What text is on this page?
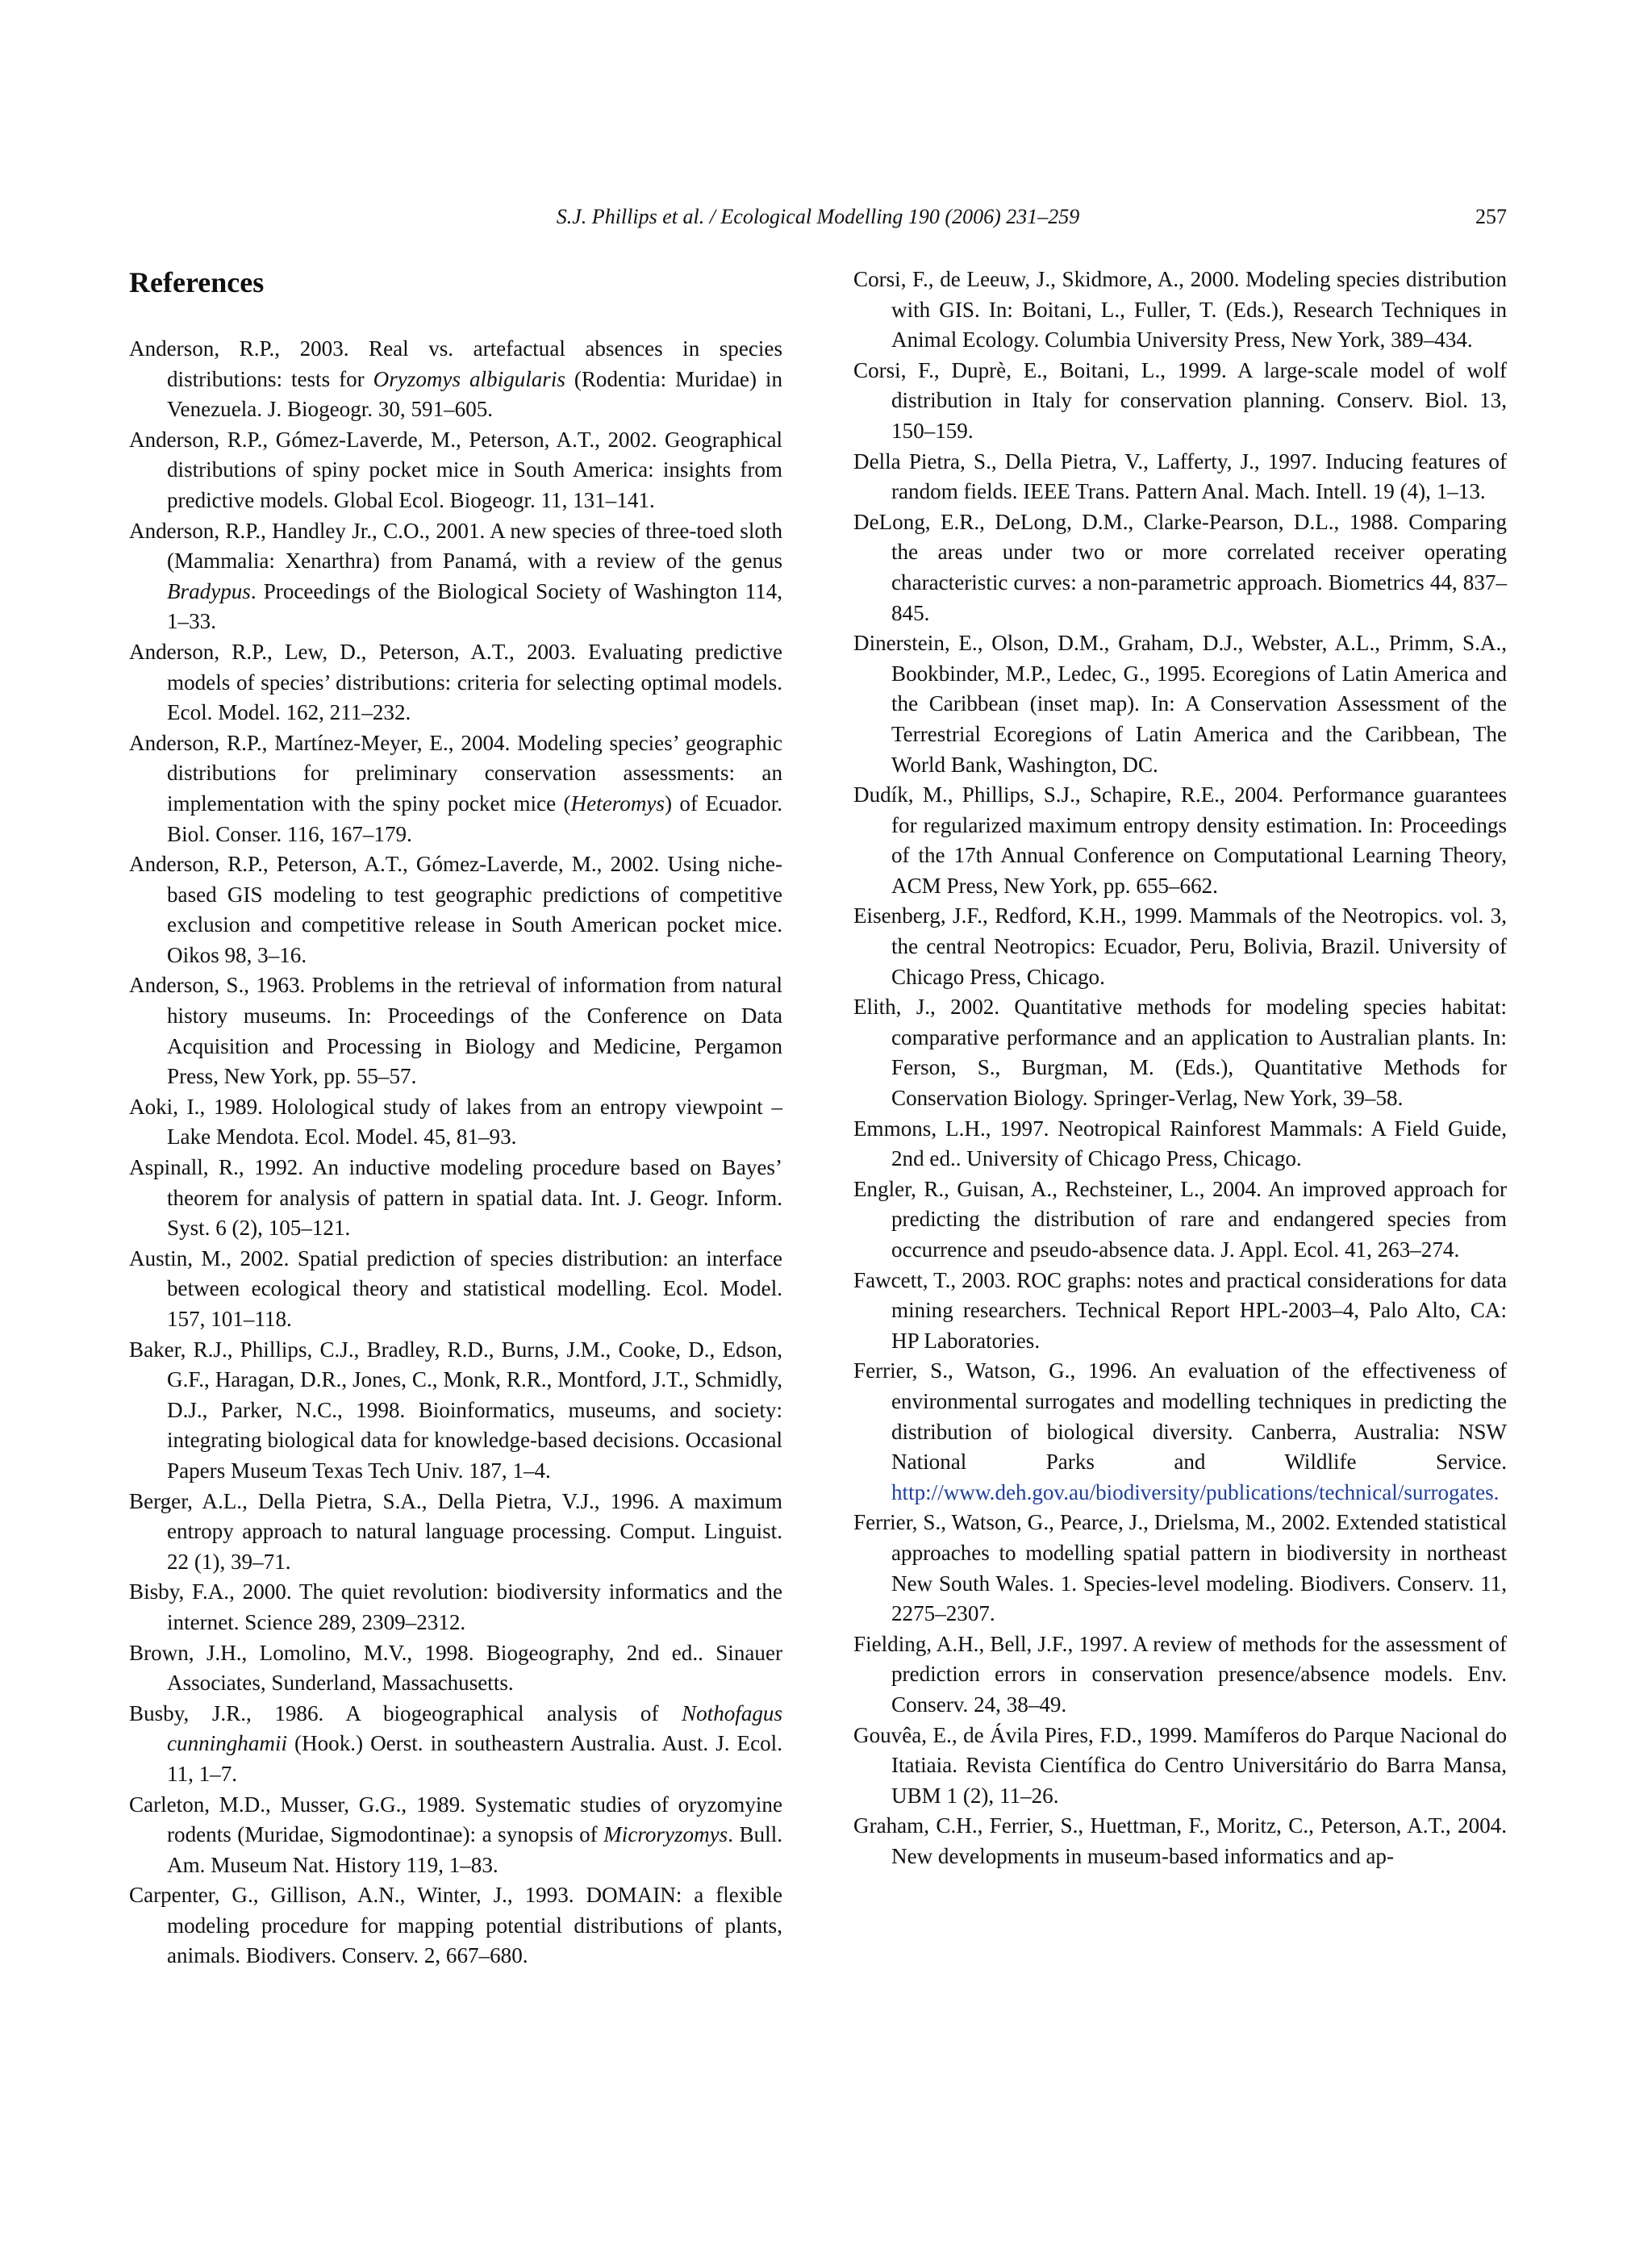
S.J. Phillips et al. / Ecological Modelling 190 (2006) 231–259	257
References
Anderson, R.P., 2003. Real vs. artefactual absences in species distributions: tests for Oryzomys albigularis (Rodentia: Muridae) in Venezuela. J. Biogeogr. 30, 591–605.
Anderson, R.P., Gómez-Laverde, M., Peterson, A.T., 2002. Geographical distributions of spiny pocket mice in South America: insights from predictive models. Global Ecol. Biogeogr. 11, 131–141.
Anderson, R.P., Handley Jr., C.O., 2001. A new species of three-toed sloth (Mammalia: Xenarthra) from Panamá, with a review of the genus Bradypus. Proceedings of the Biological Society of Washington 114, 1–33.
Anderson, R.P., Lew, D., Peterson, A.T., 2003. Evaluating predictive models of species’ distributions: criteria for selecting optimal models. Ecol. Model. 162, 211–232.
Anderson, R.P., Martínez-Meyer, E., 2004. Modeling species’ geographic distributions for preliminary conservation assessments: an implementation with the spiny pocket mice (Heteromys) of Ecuador. Biol. Conser. 116, 167–179.
Anderson, R.P., Peterson, A.T., Gómez-Laverde, M., 2002. Using niche-based GIS modeling to test geographic predictions of competitive exclusion and competitive release in South American pocket mice. Oikos 98, 3–16.
Anderson, S., 1963. Problems in the retrieval of information from natural history museums. In: Proceedings of the Conference on Data Acquisition and Processing in Biology and Medicine, Pergamon Press, New York, pp. 55–57.
Aoki, I., 1989. Holological study of lakes from an entropy viewpoint – Lake Mendota. Ecol. Model. 45, 81–93.
Aspinall, R., 1992. An inductive modeling procedure based on Bayes’ theorem for analysis of pattern in spatial data. Int. J. Geogr. Inform. Syst. 6 (2), 105–121.
Austin, M., 2002. Spatial prediction of species distribution: an interface between ecological theory and statistical modelling. Ecol. Model. 157, 101–118.
Baker, R.J., Phillips, C.J., Bradley, R.D., Burns, J.M., Cooke, D., Edson, G.F., Haragan, D.R., Jones, C., Monk, R.R., Montford, J.T., Schmidly, D.J., Parker, N.C., 1998. Bioinformatics, museums, and society: integrating biological data for knowledge-based decisions. Occasional Papers Museum Texas Tech Univ. 187, 1–4.
Berger, A.L., Della Pietra, S.A., Della Pietra, V.J., 1996. A maximum entropy approach to natural language processing. Comput. Linguist. 22 (1), 39–71.
Bisby, F.A., 2000. The quiet revolution: biodiversity informatics and the internet. Science 289, 2309–2312.
Brown, J.H., Lomolino, M.V., 1998. Biogeography, 2nd ed.. Sinauer Associates, Sunderland, Massachusetts.
Busby, J.R., 1986. A biogeographical analysis of Nothofagus cunninghamii (Hook.) Oerst. in southeastern Australia. Aust. J. Ecol. 11, 1–7.
Carleton, M.D., Musser, G.G., 1989. Systematic studies of oryzomyine rodents (Muridae, Sigmodontinae): a synopsis of Microryzomys. Bull. Am. Museum Nat. History 119, 1–83.
Carpenter, G., Gillison, A.N., Winter, J., 1993. DOMAIN: a flexible modeling procedure for mapping potential distributions of plants, animals. Biodivers. Conserv. 2, 667–680.
Corsi, F., de Leeuw, J., Skidmore, A., 2000. Modeling species distribution with GIS. In: Boitani, L., Fuller, T. (Eds.), Research Techniques in Animal Ecology. Columbia University Press, New York, 389–434.
Corsi, F., Duprè, E., Boitani, L., 1999. A large-scale model of wolf distribution in Italy for conservation planning. Conserv. Biol. 13, 150–159.
Della Pietra, S., Della Pietra, V., Lafferty, J., 1997. Inducing features of random fields. IEEE Trans. Pattern Anal. Mach. Intell. 19 (4), 1–13.
DeLong, E.R., DeLong, D.M., Clarke-Pearson, D.L., 1988. Comparing the areas under two or more correlated receiver operating characteristic curves: a non-parametric approach. Biometrics 44, 837–845.
Dinerstein, E., Olson, D.M., Graham, D.J., Webster, A.L., Primm, S.A., Bookbinder, M.P., Ledec, G., 1995. Ecoregions of Latin America and the Caribbean (inset map). In: A Conservation Assessment of the Terrestrial Ecoregions of Latin America and the Caribbean, The World Bank, Washington, DC.
Dudík, M., Phillips, S.J., Schapire, R.E., 2004. Performance guarantees for regularized maximum entropy density estimation. In: Proceedings of the 17th Annual Conference on Computational Learning Theory, ACM Press, New York, pp. 655–662.
Eisenberg, J.F., Redford, K.H., 1999. Mammals of the Neotropics. vol. 3, the central Neotropics: Ecuador, Peru, Bolivia, Brazil. University of Chicago Press, Chicago.
Elith, J., 2002. Quantitative methods for modeling species habitat: comparative performance and an application to Australian plants. In: Ferson, S., Burgman, M. (Eds.), Quantitative Methods for Conservation Biology. Springer-Verlag, New York, 39–58.
Emmons, L.H., 1997. Neotropical Rainforest Mammals: A Field Guide, 2nd ed.. University of Chicago Press, Chicago.
Engler, R., Guisan, A., Rechsteiner, L., 2004. An improved approach for predicting the distribution of rare and endangered species from occurrence and pseudo-absence data. J. Appl. Ecol. 41, 263–274.
Fawcett, T., 2003. ROC graphs: notes and practical considerations for data mining researchers. Technical Report HPL-2003–4, Palo Alto, CA: HP Laboratories.
Ferrier, S., Watson, G., 1996. An evaluation of the effectiveness of environmental surrogates and modelling techniques in predicting the distribution of biological diversity. Canberra, Australia: NSW National Parks and Wildlife Service. http://www.deh.gov.au/biodiversity/publications/technical/surrogates.
Ferrier, S., Watson, G., Pearce, J., Drielsma, M., 2002. Extended statistical approaches to modelling spatial pattern in biodiversity in northeast New South Wales. 1. Species-level modeling. Biodivers. Conserv. 11, 2275–2307.
Fielding, A.H., Bell, J.F., 1997. A review of methods for the assessment of prediction errors in conservation presence/absence models. Env. Conserv. 24, 38–49.
Gouvêa, E., de Ávila Pires, F.D., 1999. Mamíferos do Parque Nacional do Itatiaia. Revista Científica do Centro Universitário do Barra Mansa, UBM 1 (2), 11–26.
Graham, C.H., Ferrier, S., Huettman, F., Moritz, C., Peterson, A.T., 2004. New developments in museum-based informatics and ap-
